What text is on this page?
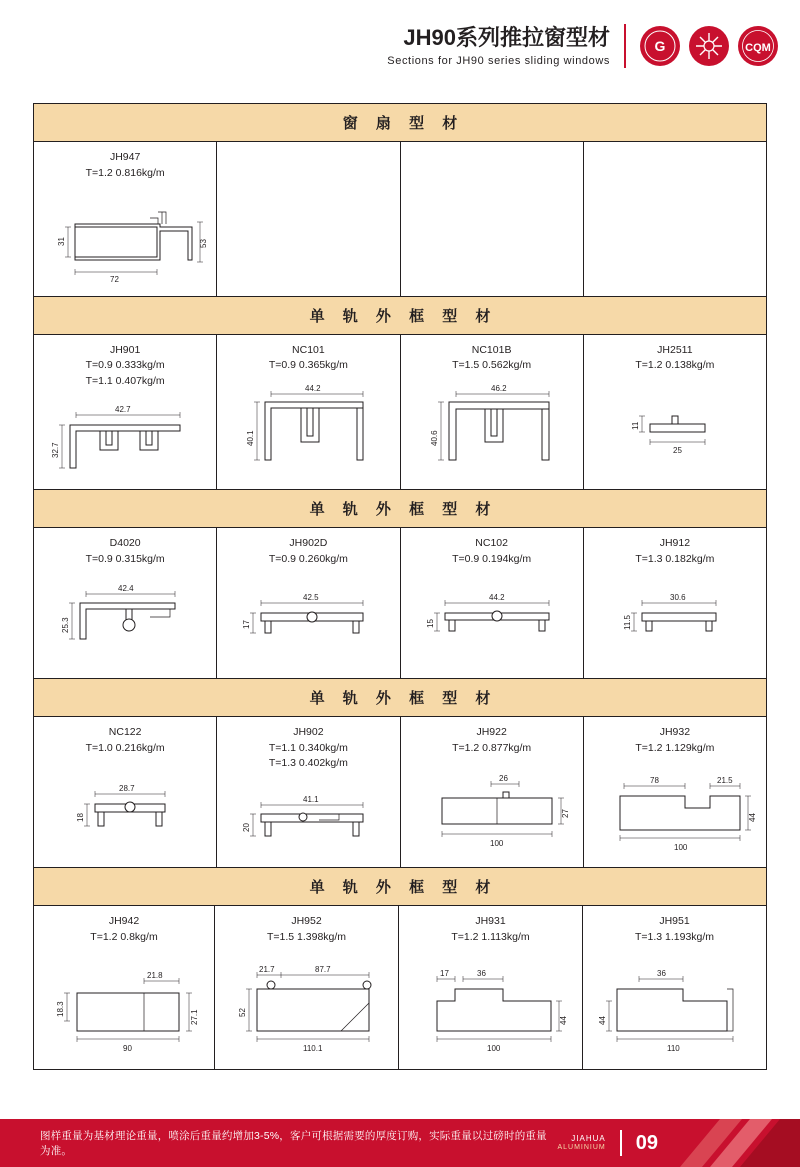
JH90系列推拉窗型材
Sections for JH90 series sliding windows
G	CQM
窗 扇 型 材
JH947
T=1.2 0.816kg/m
31	53
72
单 轨 外 框 型 材
JH901
T=0.9 0.333kg/m
T=1.1 0.407kg/m
42.7
32.7
NC101
T=0.9 0.365kg/m
44.2
40.1
NC101B
T=1.5 0.562kg/m
46.2
40.6
JH2511
T=1.2 0.138kg/m
11
25
单 轨 外 框 型 材
D4020
T=0.9 0.315kg/m
42.4
25.3
JH902D
T=0.9 0.260kg/m
42.5
17
NC102
T=0.9 0.194kg/m
44.2
15
JH912
T=1.3 0.182kg/m
30.6
11.5
单 轨 外 框 型 材
NC122
T=1.0 0.216kg/m
28.7
18
JH902
T=1.1 0.340kg/m
T=1.3 0.402kg/m
41.1
20
JH922
T=1.2 0.877kg/m
26
27
100
JH932
T=1.2 1.129kg/m
78	21.5
44
100
单 轨 外 框 型 材
JH942
T=1.2 0.8kg/m
21.8
18.3
27.1
90
JH952
T=1.5 1.398kg/m
21.7	87.7
52
110.1
JH931
T=1.2 1.113kg/m
17	36
44
100
JH951
T=1.3 1.193kg/m
36
44
110
图样重量为基材理论重量，喷涂后重量约增加3-5%，客户可根据需要的厚度订购，实际重量以过磅时的重量为准。
JIAHUA
ALUMINIUM 09
